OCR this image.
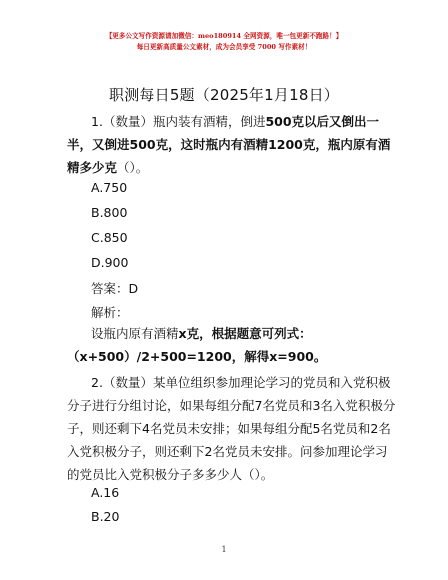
【更多公文写作资源请加微信：meo180914 全网资源，唯一包更新不跑路！】
每日更新高质量公文素材，成为会员享受 7000 写作素材！
职测每日5题（2025年1月18日）

1.（数量）瓶内装有酒精，倒进500克以后又倒出一半，又倒进500克，这时瓶内有酒精1200克，瓶内原有酒精多少克（）。

A.750
B.800
C.850
D.900
答案：D
解析：

设瓶内原有酒精x克，根据题意可列式：（x+500）/2+500=1200，解得x=900。

2.（数量）某单位组织参加理论学习的党员和入党积极分子进行分组讨论，如果每组分配7名党员和3名入党积极分子，则还剩下4名党员未安排；如果每组分配5名党员和2名入党积极分子，则还剩下2名党员未安排。问参加理论学习的党员比入党积极分子多多少人（）。

A.16
B.20
1
